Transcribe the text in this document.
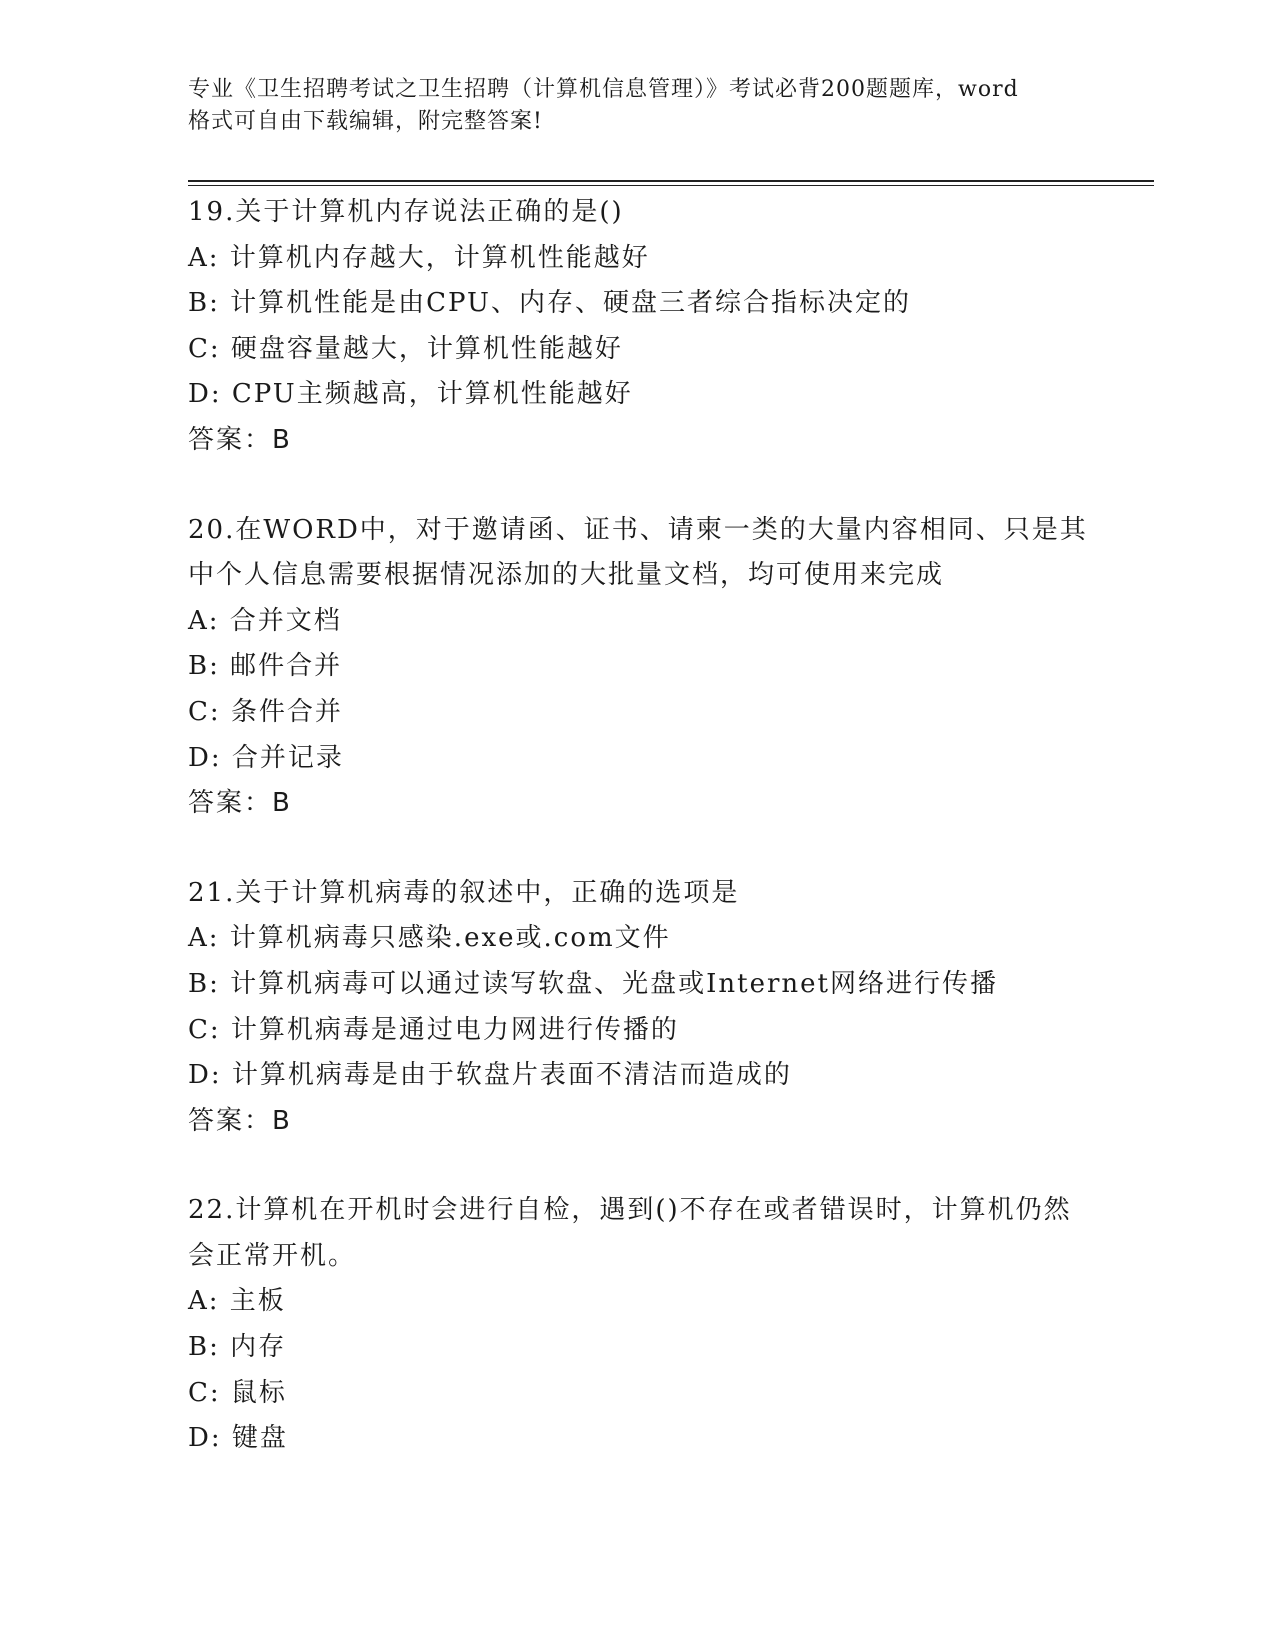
专业《卫生招聘考试之卫生招聘（计算机信息管理）》考试必背200题题库，word
格式可自由下载编辑，附完整答案!
19.关于计算机内存说法正确的是()
A: 计算机内存越大，计算机性能越好
B: 计算机性能是由CPU、内存、硬盘三者综合指标决定的
C: 硬盘容量越大，计算机性能越好
D: CPU主频越高，计算机性能越好
答案：B
20.在WORD中，对于邀请函、证书、请柬一类的大量内容相同、只是其中个人信息需要根据情况添加的大批量文档，均可使用来完成
A: 合并文档
B: 邮件合并
C: 条件合并
D: 合并记录
答案：B
21.关于计算机病毒的叙述中，正确的选项是
A: 计算机病毒只感染.exe或.com文件
B: 计算机病毒可以通过读写软盘、光盘或Internet网络进行传播
C: 计算机病毒是通过电力网进行传播的
D: 计算机病毒是由于软盘片表面不清洁而造成的
答案：B
22.计算机在开机时会进行自检，遇到()不存在或者错误时，计算机仍然会正常开机。
A: 主板
B: 内存
C: 鼠标
D: 键盘
